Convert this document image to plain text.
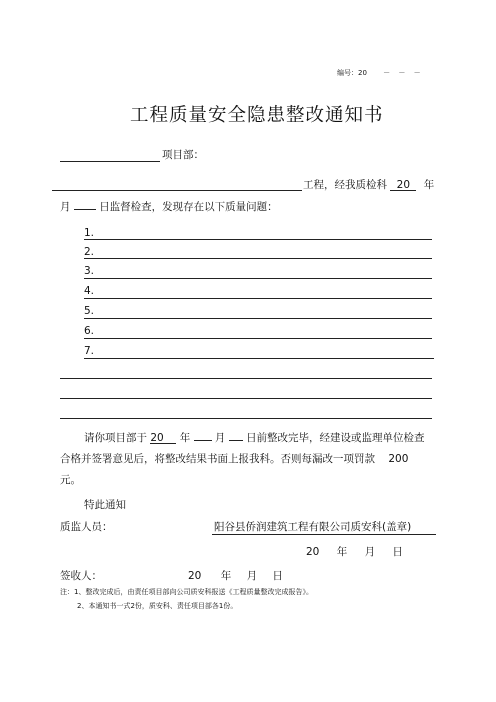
编号：20 － － －
工程质量安全隐患整改通知书
项目部：
工程，经我质检科 20 年
月	日监督检查，发现存在以下质量问题：
1.
2.
3.
4.
5.
6.
7.
请你项目部于 20 年 月 日前整改完毕，经建设或监理单位检查
合格并签署意见后，将整改结果书面上报我科。否则每漏改一项罚款 200
元。
特此通知
质监人员：	阳谷县侨润建筑工程有限公司质安科(盖章)
20 年 月 日
签收人：	20 年 月 日
注：1、整改完成后，由责任项目部向公司质安科报送《工程质量整改完成报告》。
2、本通知书一式2份，质安科、责任项目部各1份。
